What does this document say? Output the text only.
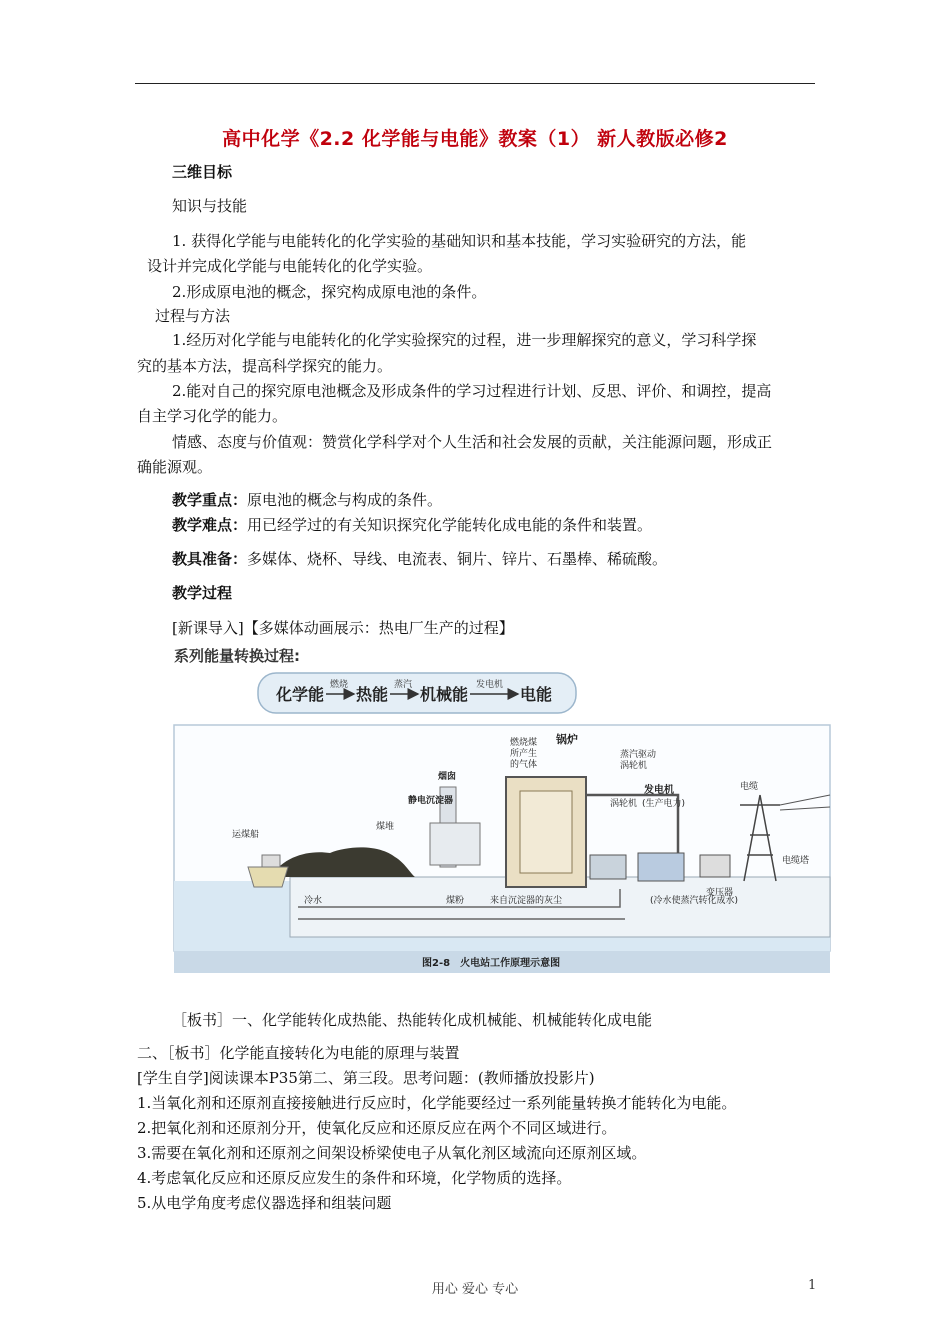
高中化学《2.2 化学能与电能》教案（1） 新人教版必修2
三维目标
知识与技能
1. 获得化学能与电能转化的化学实验的基础知识和基本技能，学习实验研究的方法，能
设计并完成化学能与电能转化的化学实验。
2.形成原电池的概念，探究构成原电池的条件。
过程与方法
1.经历对化学能与电能转化的化学实验探究的过程，进一步理解探究的意义，学习科学探
究的基本方法，提高科学探究的能力。
2.能对自己的探究原电池概念及形成条件的学习过程进行计划、反思、评价、和调控，提高
自主学习化学的能力。
情感、态度与价值观：赞赏化学科学对个人生活和社会发展的贡献，关注能源问题，形成正
确能源观。
教学重点：原电池的概念与构成的条件。
教学难点：用已经学过的有关知识探究化学能转化成电能的条件和装置。
教具准备：多媒体、烧杯、导线、电流表、铜片、锌片、石墨棒、稀硫酸。
教学过程
[新课导入]【多媒体动画展示：热电厂生产的过程】
系列能量转换过程:
化学能 热能 机械能	电能
燃烧	蒸汽	发电机
锅炉
燃烧煤
所产生
的气体
蒸汽驱动
涡轮机
烟囱
静电沉淀器
发电机
(生产电力)
涡轮机
电缆
运煤船
煤堆
电缆塔
变压器
冷水	煤粉	来自沉淀器的灰尘	(冷水使蒸汽转化成水)
图2-8　火电站工作原理示意图
［板书］一、化学能转化成热能、热能转化成机械能、机械能转化成电能
二、［板书］化学能直接转化为电能的原理与装置
[学生自学]阅读课本P35第二、第三段。思考问题：(教师播放投影片)
1.当氧化剂和还原剂直接接触进行反应时，化学能要经过一系列能量转换才能转化为电能。
2.把氧化剂和还原剂分开，使氧化反应和还原反应在两个不同区域进行。
3.需要在氧化剂和还原剂之间架设桥梁使电子从氧化剂区域流向还原剂区域。
4.考虑氧化反应和还原反应发生的条件和环境，化学物质的选择。
5.从电学角度考虑仪器选择和组装问题
用心 爱心 专心	1
